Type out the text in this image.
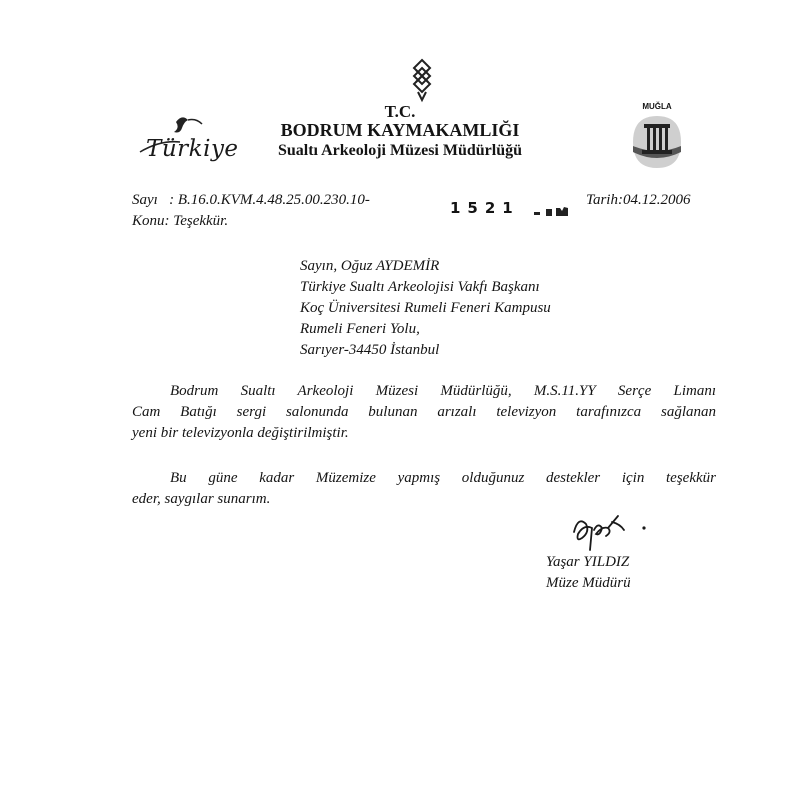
T.C.
BODRUM KAYMAKAMLIĞI
Sualtı Arkeoloji Müzesi Müdürlüğü
Türkiye
MUĞLA
Sayı   : B.16.0.KVM.4.48.25.00.230.10-	1521	Tarih:04.12.2006
Konu: Teşekkür.
Sayın, Oğuz AYDEMİR
Türkiye Sualtı Arkeolojisi Vakfı Başkanı
Koç Üniversitesi Rumeli Feneri Kampusu
Rumeli Feneri Yolu,
Sarıyer-34450 İstanbul
Bodrum Sualtı Arkeoloji Müzesi Müdürlüğü, M.S.11.YY Serçe Limanı
Cam Batığı sergi salonunda bulunan arızalı televizyon tarafınızca sağlanan
yeni bir televizyonla değiştirilmiştir.
Bu güne kadar Müzemize yapmış olduğunuz destekler için teşekkür
eder, saygılar sunarım.
Yaşar YILDIZ
Müze Müdürü
